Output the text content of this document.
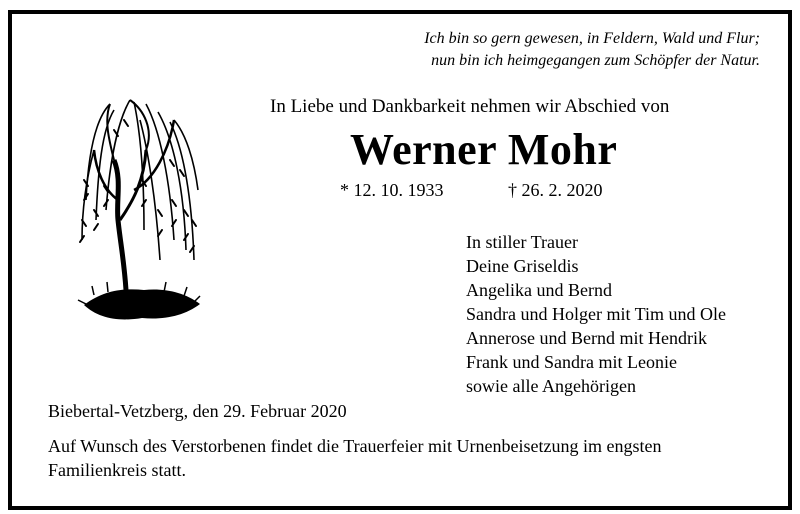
Ich bin so gern gewesen, in Feldern, Wald und Flur;
nun bin ich heimgegangen zum Schöpfer der Natur.
In Liebe und Dankbarkeit nehmen wir Abschied von
Werner Mohr
* 12. 10. 1933	† 26. 2. 2020
In stiller Trauer
Deine Griseldis
Angelika und Bernd
Sandra und Holger mit Tim und Ole
Annerose und Bernd mit Hendrik
Frank und Sandra mit Leonie
sowie alle Angehörigen
Biebertal-Vetzberg, den 29. Februar 2020
Auf Wunsch des Verstorbenen findet die Trauerfeier mit Urnenbeisetzung im engsten Familienkreis statt.
